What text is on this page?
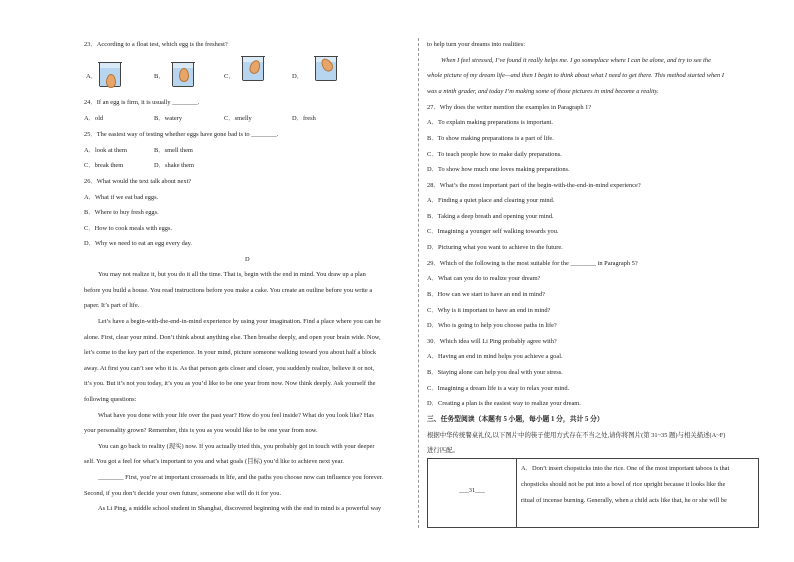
23．According to a float test, which egg is the freshest?
A．	B．	C．	D．
24．If an egg is firm, it is usually ________.
A．old	B．watery	C．smelly	D．fresh
25．The easiest way of testing whether eggs have gone bad is to ________.
A．look at them	B．smell them
C．break them	D．shake them
26．What would the text talk about next?
A．What if we eat bad eggs.
B．Where to buy fresh eggs.
C．How to cook meals with eggs.
D．Why we need to eat an egg every day.
D
You may not realize it, but you do it all the time. That is, begin with the end in mind. You draw up a plan
before you build a house. You read instructions before you make a cake. You create an outline before you write a
paper. It’s part of life.
Let’s have a begin-with-the-end-in-mind experience by using your imagination. Find a place where you can be
alone. First, clear your mind. Don’t think about anything else. Then breathe deeply, and open your brain wide. Now,
let’s come to the key part of the experience. In your mind, picture someone walking toward you about half a block
away. At first you can’t see who it is. As that person gets closer and closer, you suddenly realize, believe it or not,
it’s you. But it’s not you today, it’s you as you’d like to be one year from now. Now think deeply. Ask yourself the
following questions:
What have you done with your life over the past year? How do you feel inside? What do you look like? Has
your personality grown? Remember, this is you as you would like to be one year from now.
You can go back to reality (现实) now. If you actually tried this, you probably got in touch with your deeper
self. You got a feel for what’s important to you and what goals (目标) you’d like to achieve next year.
________ First, you’re at important crossroads in life, and the paths you choose now can influence you forever.
Second, if you don’t decide your own future, someone else will do it for you.
As Li Ping, a middle school student in Shanghai, discovered beginning with the end in mind is a powerful way
to help turn your dreams into realities:
When I feel stressed, I’ve found it really helps me. I go someplace where I can be alone, and try to see the
whole picture of my dream life—and then I begin to think about what I need to get there. This method started when I
was a ninth grader, and today I’m making some of those pictures in mind become a reality.
27．Why does the writer mention the examples in Paragraph 1?
A．To explain making preparations is important.
B．To show making preparations is a part of life.
C．To teach people how to make daily preparations.
D．To show how much one loves making preparations.
28．What’s the most important part of the begin-with-the-end-in-mind experience?
A．Finding a quiet place and clearing your mind.
B．Taking a deep breath and opening your mind.
C．Imagining a younger self walking towards you.
D．Picturing what you want to achieve in the future.
29．Which of the following is the most suitable for the ________ in Paragraph 5?
A．What can you do to realize your dream?
B．How can we start to have an end in mind?
C．Why is it important to have an end in mind?
D．Who is going to help you choose paths in life?
30．Which idea will Li Ping probably agree with?
A．Having an end in mind helps you achieve a goal.
B．Staying alone can help you deal with your stress.
C．Imagining a dream life is a way to relax your mind.
D．Creating a plan is the easiest way to realize your dream.
三、任务型阅读（本题有 5 小题，每小题 1 分，共计 5 分）
根据中华传统餐桌礼仪,以下图片中的筷子使用方式存在不当之处,请你将图片(第 31~35 题)与相关描述(A~F)
进行匹配。
___31___
A．Don’t insert chopsticks into the rice. One of the most important taboos is that
chopsticks should not be put into a bowl of rice upright because it looks like the
ritual of incense burning. Generally, when a child acts like that, he or she will be
